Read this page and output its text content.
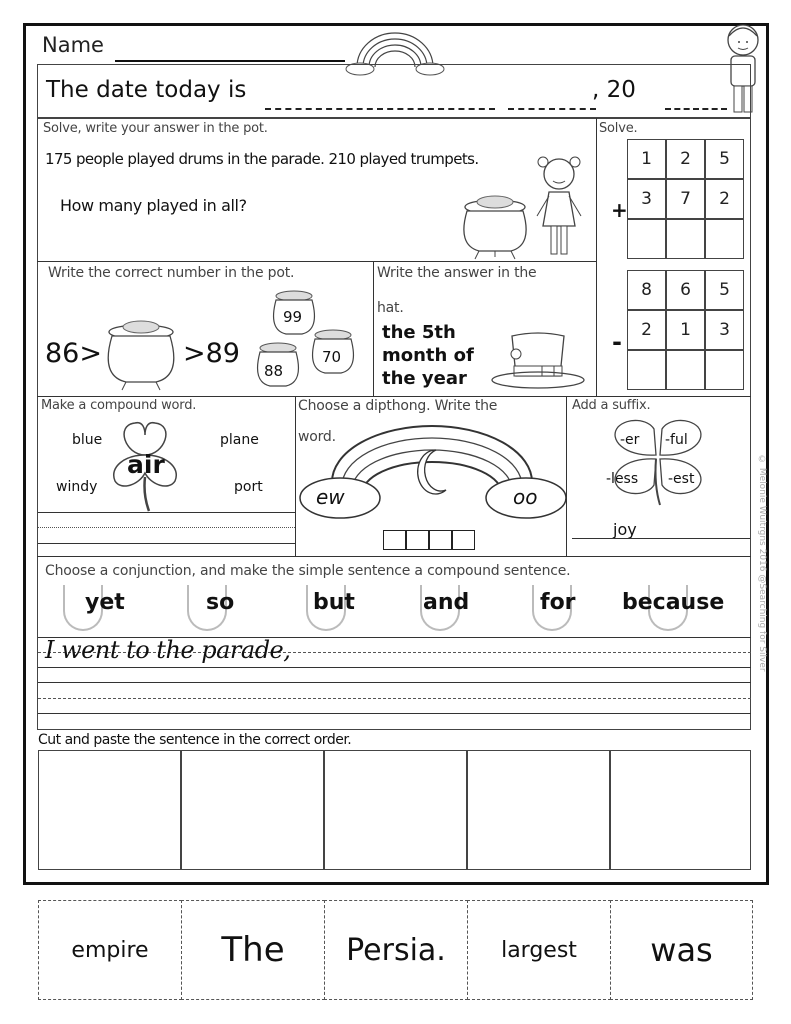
Name
The date today is	, 20
Solve, write your answer in the pot.
175 people played drums in the parade. 210 played trumpets.
How many played in all?
Solve.
1	2	5
3	7	2
+
8	6	5
2	1	3
-
Write the correct number in the pot.
86>	>89
99
88
70
Write the answer in the
hat.
the 5th
month of
the year
Make a compound word.
air
blue	plane
windy	port
Choose a dipthong. Write the
word.
ew	oo
Add a suffix.
-er -ful
-less -est
joy
Choose a conjunction, and make the simple sentence a compound sentence.
yet	so	but	and	for because
I went to the parade,	© Melonie Wuitrgns 2016 @Searching for Silver
Cut and paste the sentence in the correct order.
empire The Persia.	largest was
